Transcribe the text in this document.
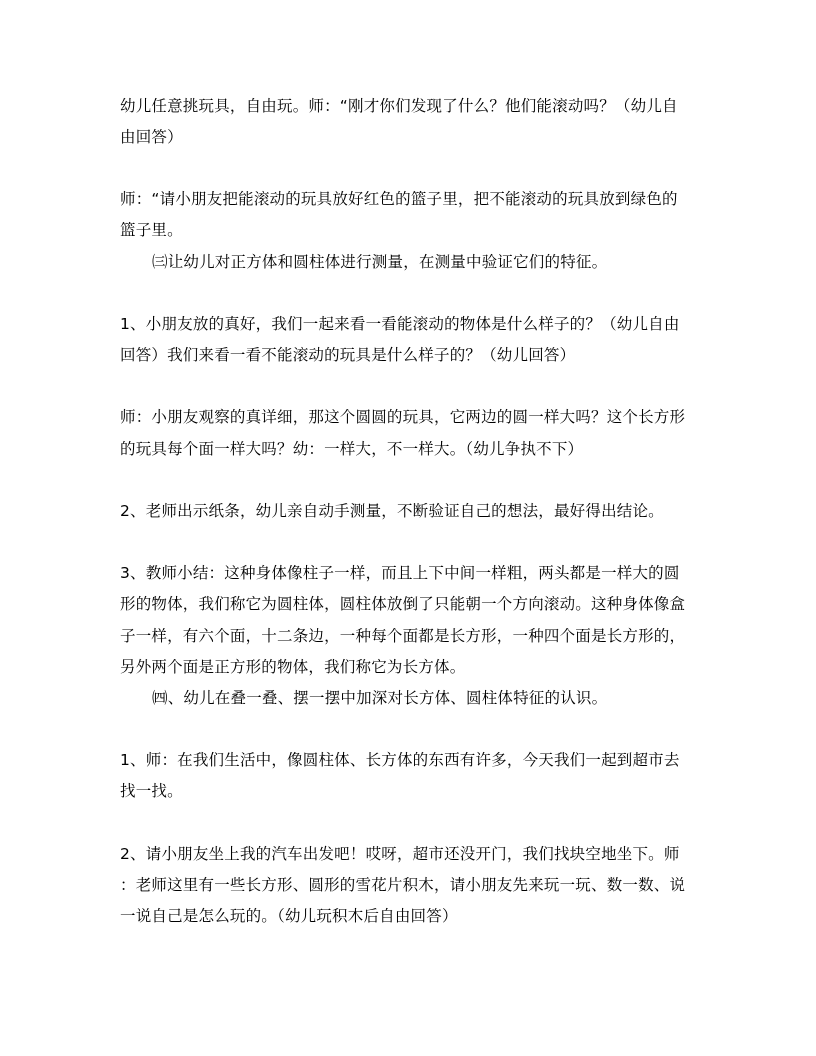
幼儿任意挑玩具，自由玩。师：“刚才你们发现了什么？他们能滚动吗？（幼儿自
由回答）
师：“请小朋友把能滚动的玩具放好红色的篮子里，把不能滚动的玩具放到绿色的
篮子里。
㈢让幼儿对正方体和圆柱体进行测量，在测量中验证它们的特征。
1、小朋友放的真好，我们一起来看一看能滚动的物体是什么样子的？（幼儿自由
回答）我们来看一看不能滚动的玩具是什么样子的？（幼儿回答）
师：小朋友观察的真详细，那这个圆圆的玩具，它两边的圆一样大吗？这个长方形
的玩具每个面一样大吗？幼：一样大，不一样大。（幼儿争执不下）
2、老师出示纸条，幼儿亲自动手测量，不断验证自己的想法，最好得出结论。
3、教师小结：这种身体像柱子一样，而且上下中间一样粗，两头都是一样大的圆
形的物体，我们称它为圆柱体，圆柱体放倒了只能朝一个方向滚动。这种身体像盒
子一样，有六个面，十二条边，一种每个面都是长方形，一种四个面是长方形的，
另外两个面是正方形的物体，我们称它为长方体。
㈣、幼儿在叠一叠、摆一摆中加深对长方体、圆柱体特征的认识。
1、师：在我们生活中，像圆柱体、长方体的东西有许多，今天我们一起到超市去
找一找。
2、请小朋友坐上我的汽车出发吧！哎呀，超市还没开门，我们找块空地坐下。师
：老师这里有一些长方形、圆形的雪花片积木，请小朋友先来玩一玩、数一数、说
一说自己是怎么玩的。（幼儿玩积木后自由回答）
